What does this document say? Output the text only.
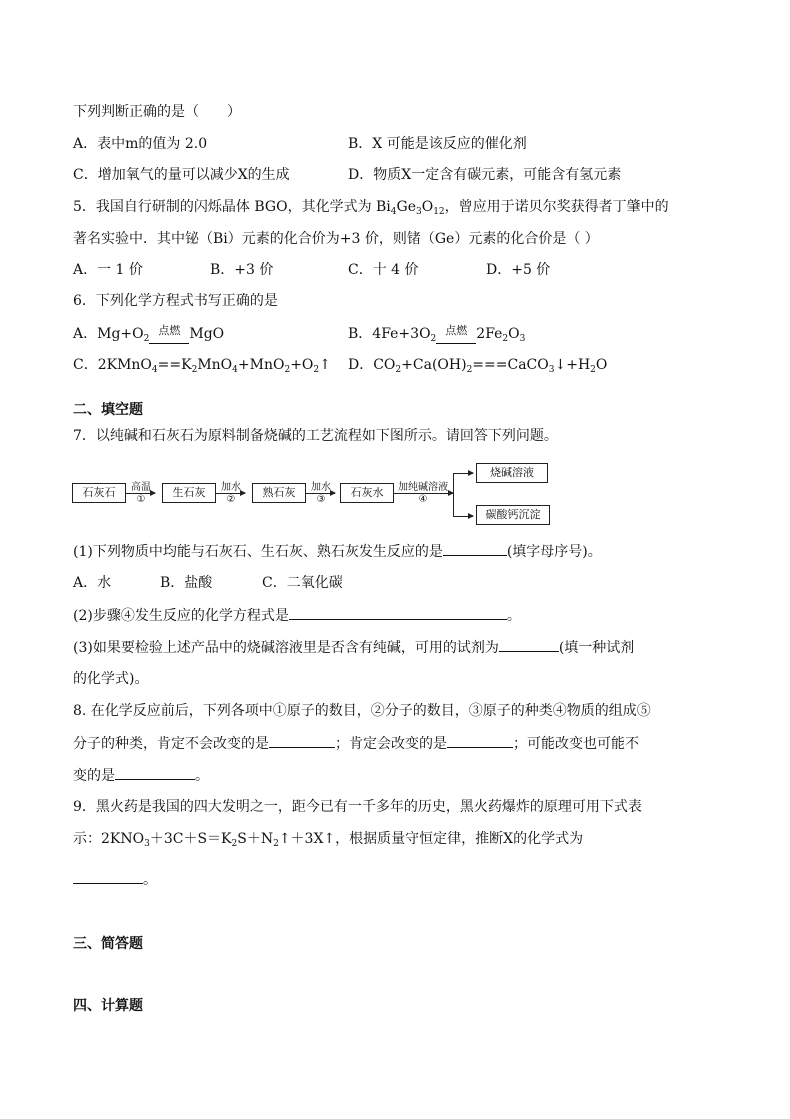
下列判断正确的是（　　）
A．表中m的值为 2.0	B．X 可能是该反应的催化剂
C．增加氧气的量可以减少X的生成	D．物质X一定含有碳元素，可能含有氢元素
5．我国自行研制的闪烁晶体 BGO，其化学式为 $Bi_4Ge_3O_{12}$，曾应用于诺贝尔奖获得者丁肇中的
著名实验中．其中铋（Bi）元素的化合价为+3 价，则锗（Ge）元素的化合价是（ ）
A．一 1 价	B．+3 价	C．十 4 价	D．+5 价
6．下列化学方程式书写正确的是
A．$Mg+O_2$点燃 MgO	B．$4Fe+3O_2$点燃 $2Fe_2O_3$
C．$2KMnO_4==K_2MnO_4+MnO_2+O_2↑$ D．$CO_2+Ca(OH)_2===CaCO_3↓+H_2O$
二、填空题
7．以纯碱和石灰石为原料制备烧碱的工艺流程如下图所示。请回答下列问题。
石灰石	高温
①
生石灰	加水
②
熟石灰	加水
③
石灰水	加纯碱溶液
④
烧碱溶液
碳酸钙沉淀
(1)下列物质中均能与石灰石、生石灰、熟石灰发生反应的是	(填字母序号)。
A．水	B．盐酸	C．二氧化碳
(2)步骤④发生反应的化学方程式是	。
(3)如果要检验上述产品中的烧碱溶液里是否含有纯碱，可用的试剂为	(填一种试剂
的化学式)。
8. 在化学反应前后，下列各项中①原子的数目，②分子的数目，③原子的种类④物质的组成⑤
分子的种类，肯定不会改变的是	；肯定会改变的是	；可能改变也可能不
变的是	。
9．黑火药是我国的四大发明之一，距今已有一千多年的历史，黑火药爆炸的原理可用下式表
示：$2KNO_3+3C+S=K_2S+N_2↑+3X↑$，根据质量守恒定律，推断X的化学式为
。
三、简答题
四、计算题
